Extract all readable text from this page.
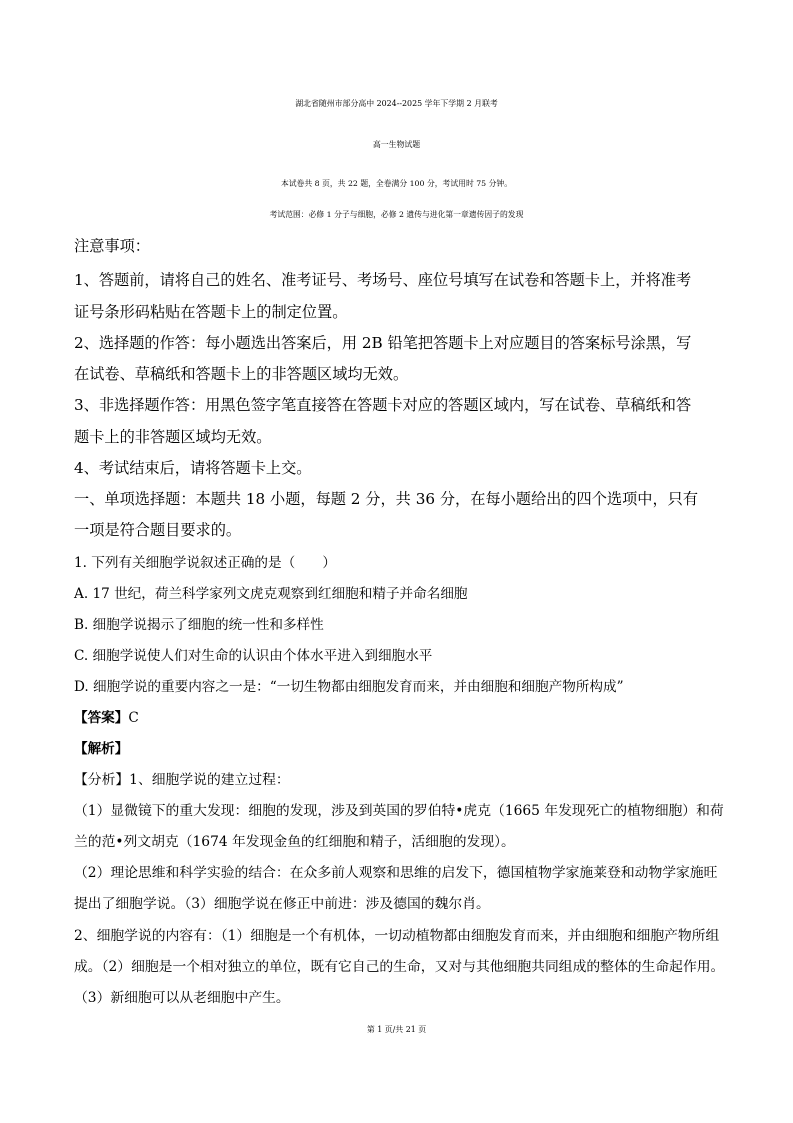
湖北省随州市部分高中 2024--2025 学年下学期 2 月联考
高一生物试题
本试卷共 8 页，共 22 题，全卷满分 100 分，考试用时 75 分钟。
考试范围：必修 1 分子与细胞，必修 2 遗传与进化第一章遗传因子的发现
注意事项：
1、答题前，请将自己的姓名、准考证号、考场号、座位号填写在试卷和答题卡上，并将准考
证号条形码粘贴在答题卡上的制定位置。
2、选择题的作答：每小题选出答案后，用 2B 铅笔把答题卡上对应题目的答案标号涂黑，写
在试卷、草稿纸和答题卡上的非答题区域均无效。
3、非选择题作答：用黑色签字笔直接答在答题卡对应的答题区域内，写在试卷、草稿纸和答
题卡上的非答题区域均无效。
4、考试结束后，请将答题卡上交。
一、单项选择题：本题共 18 小题，每题 2 分，共 36 分，在每小题给出的四个选项中，只有
一项是符合题目要求的。
1. 下列有关细胞学说叙述正确的是（　　）
A. 17 世纪，荷兰科学家列文虎克观察到红细胞和精子并命名细胞
B. 细胞学说揭示了细胞的统一性和多样性
C. 细胞学说使人们对生命的认识由个体水平进入到细胞水平
D. 细胞学说的重要内容之一是：“一切生物都由细胞发育而来，并由细胞和细胞产物所构成”
【答案】C
【解析】
【分析】1、细胞学说的建立过程：
（1）显微镜下的重大发现：细胞的发现，涉及到英国的罗伯特•虎克（1665 年发现死亡的植物细胞）和荷
兰的范•列文胡克（1674 年发现金鱼的红细胞和精子，活细胞的发现）。
（2）理论思维和科学实验的结合：在众多前人观察和思维的启发下，德国植物学家施莱登和动物学家施旺
提出了细胞学说。（3）细胞学说在修正中前进：涉及德国的魏尔肖。
2、细胞学说的内容有：（1）细胞是一个有机体，一切动植物都由细胞发育而来，并由细胞和细胞产物所组
成。（2）细胞是一个相对独立的单位，既有它自己的生命，又对与其他细胞共同组成的整体的生命起作用。
（3）新细胞可以从老细胞中产生。
第 1 页/共 21 页
